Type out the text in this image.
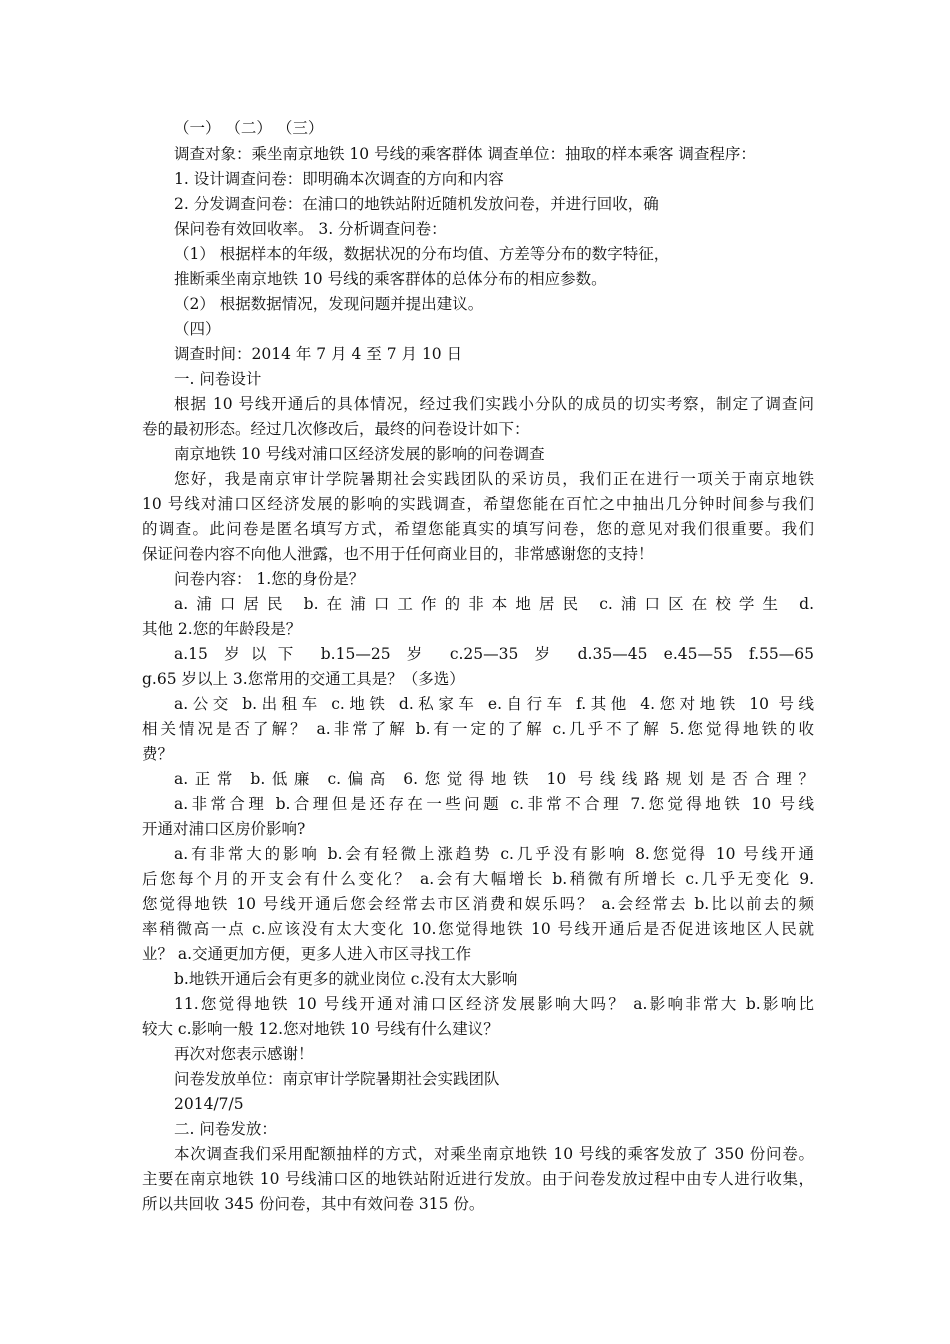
（一） （二） （三）
调查对象：乘坐南京地铁 10 号线的乘客群体 调查单位：抽取的样本乘客 调查程序：
1. 设计调查问卷：即明确本次调查的方向和内容
2. 分发调查问卷：在浦口的地铁站附近随机发放问卷，并进行回收，确
保问卷有效回收率。 3. 分析调查问卷：
（1） 根据样本的年级，数据状况的分布均值、方差等分布的数字特征，
推断乘坐南京地铁 10 号线的乘客群体的总体分布的相应参数。
（2） 根据数据情况，发现问题并提出建议。
（四）
调查时间：2014 年 7 月 4 至 7 月 10 日
一. 问卷设计
根据 10 号线开通后的具体情况，经过我们实践小分队的成员的切实考察，制定了调查问
卷的最初形态。经过几次修改后，最终的问卷设计如下：
南京地铁 10 号线对浦口区经济发展的影响的问卷调查
您好，我是南京审计学院暑期社会实践团队的采访员，我们正在进行一项关于南京地铁
10 号线对浦口区经济发展的影响的实践调查，希望您能在百忙之中抽出几分钟时间参与我们
的调查。此问卷是匿名填写方式，希望您能真实的填写问卷，您的意见对我们很重要。我们
保证问卷内容不向他人泄露，也不用于任何商业目的，非常感谢您的支持！
问卷内容： 1.您的身份是？
a.浦口居民 b.在浦口工作的非本地居民 c.浦口区在校学生 d.
其他 2.您的年龄段是？
a.15 岁以下 b.15—25 岁 c.25—35 岁 d.35—45 e.45—55 f.55—65
g.65 岁以上 3.您常用的交通工具是？（多选）
a.公交 b.出租车 c.地铁 d.私家车 e.自行车 f.其他 4.您对地铁 10 号线
相关情况是否了解？ a.非常了解 b.有一定的了解 c.几乎不了解 5.您觉得地铁的收
费？
a.正常 b.低廉 c.偏高 6.您觉得地铁 10 号线线路规划是否合理？
a.非常合理 b.合理但是还存在一些问题 c.非常不合理 7.您觉得地铁 10 号线
开通对浦口区房价影响?
a.有非常大的影响 b.会有轻微上涨趋势 c.几乎没有影响 8.您觉得 10 号线开通
后您每个月的开支会有什么变化？ a.会有大幅增长 b.稍微有所增长 c.几乎无变化 9.
您觉得地铁 10 号线开通后您会经常去市区消费和娱乐吗？ a.会经常去 b.比以前去的频
率稍微高一点 c.应该没有太大变化 10.您觉得地铁 10 号线开通后是否促进该地区人民就
业？ a.交通更加方便，更多人进入市区寻找工作
b.地铁开通后会有更多的就业岗位 c.没有太大影响
11.您觉得地铁 10 号线开通对浦口区经济发展影响大吗？ a.影响非常大 b.影响比
较大 c.影响一般 12.您对地铁 10 号线有什么建议？
再次对您表示感谢！
问卷发放单位：南京审计学院暑期社会实践团队
2014/7/5
二. 问卷发放：
本次调查我们采用配额抽样的方式，对乘坐南京地铁 10 号线的乘客发放了 350 份问卷。
主要在南京地铁 10 号线浦口区的地铁站附近进行发放。由于问卷发放过程中由专人进行收集，
所以共回收 345 份问卷，其中有效问卷 315 份。
